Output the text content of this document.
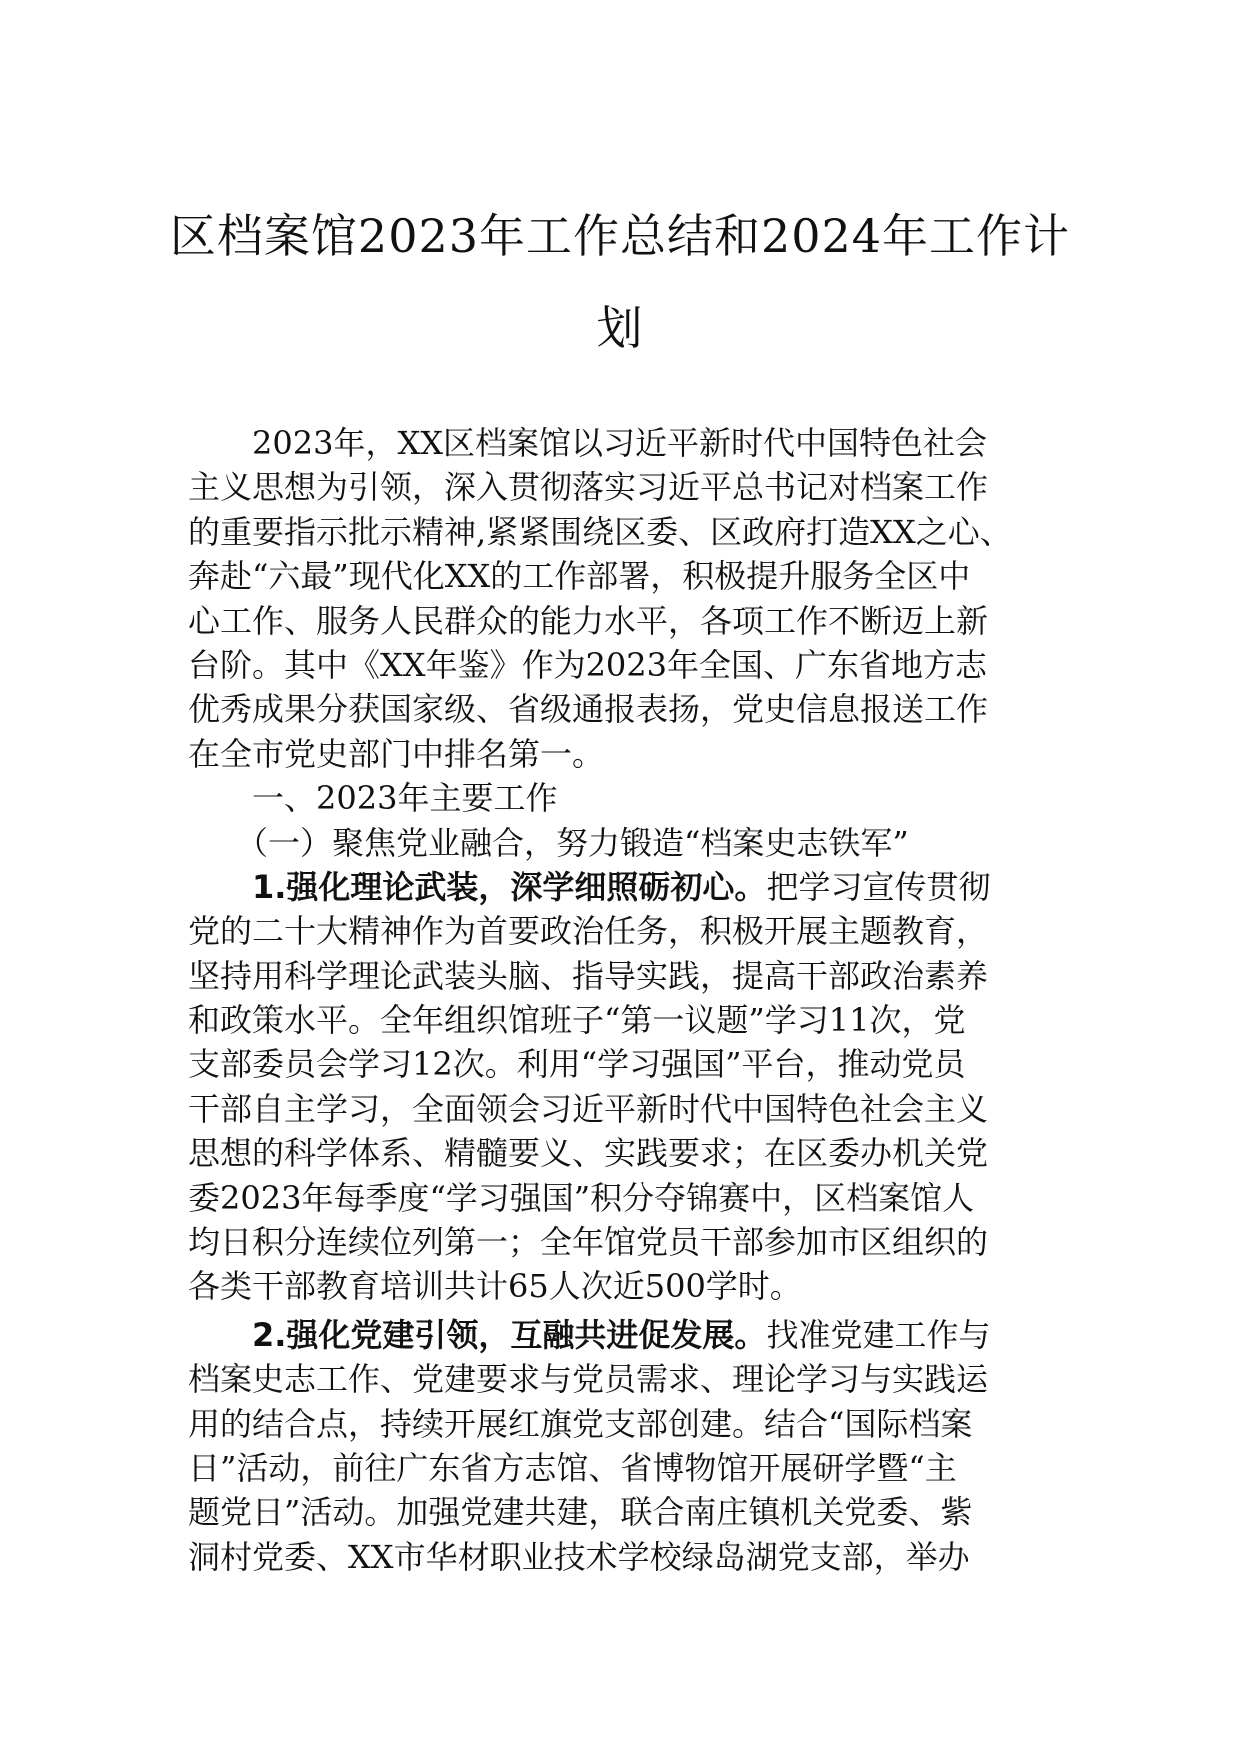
区档案馆2023年工作总结和2024年工作计
划
　　2023年，XX区档案馆以习近平新时代中国特色社会
主义思想为引领，深入贯彻落实习近平总书记对档案工作
的重要指示批示精神,紧紧围绕区委、区政府打造XX之心、
奔赴“六最”现代化XX的工作部署，积极提升服务全区中
心工作、服务人民群众的能力水平，各项工作不断迈上新
台阶。其中《XX年鉴》作为2023年全国、广东省地方志
优秀成果分获国家级、省级通报表扬，党史信息报送工作
在全市党史部门中排名第一。
一、2023年主要工作
（一）聚焦党业融合，努力锻造“档案史志铁军”
1.强化理论武装，深学细照砺初心。把学习宣传贯彻
党的二十大精神作为首要政治任务，积极开展主题教育，
坚持用科学理论武装头脑、指导实践，提高干部政治素养
和政策水平。全年组织馆班子“第一议题”学习11次，党
支部委员会学习12次。利用“学习强国”平台，推动党员
干部自主学习，全面领会习近平新时代中国特色社会主义
思想的科学体系、精髓要义、实践要求；在区委办机关党
委2023年每季度“学习强国”积分夺锦赛中，区档案馆人
均日积分连续位列第一；全年馆党员干部参加市区组织的
各类干部教育培训共计65人次近500学时。
2.强化党建引领，互融共进促发展。找准党建工作与
档案史志工作、党建要求与党员需求、理论学习与实践运
用的结合点，持续开展红旗党支部创建。结合“国际档案
日”活动，前往广东省方志馆、省博物馆开展研学暨“主
题党日”活动。加强党建共建，联合南庄镇机关党委、紫
洞村党委、XX市华材职业技术学校绿岛湖党支部，举办
